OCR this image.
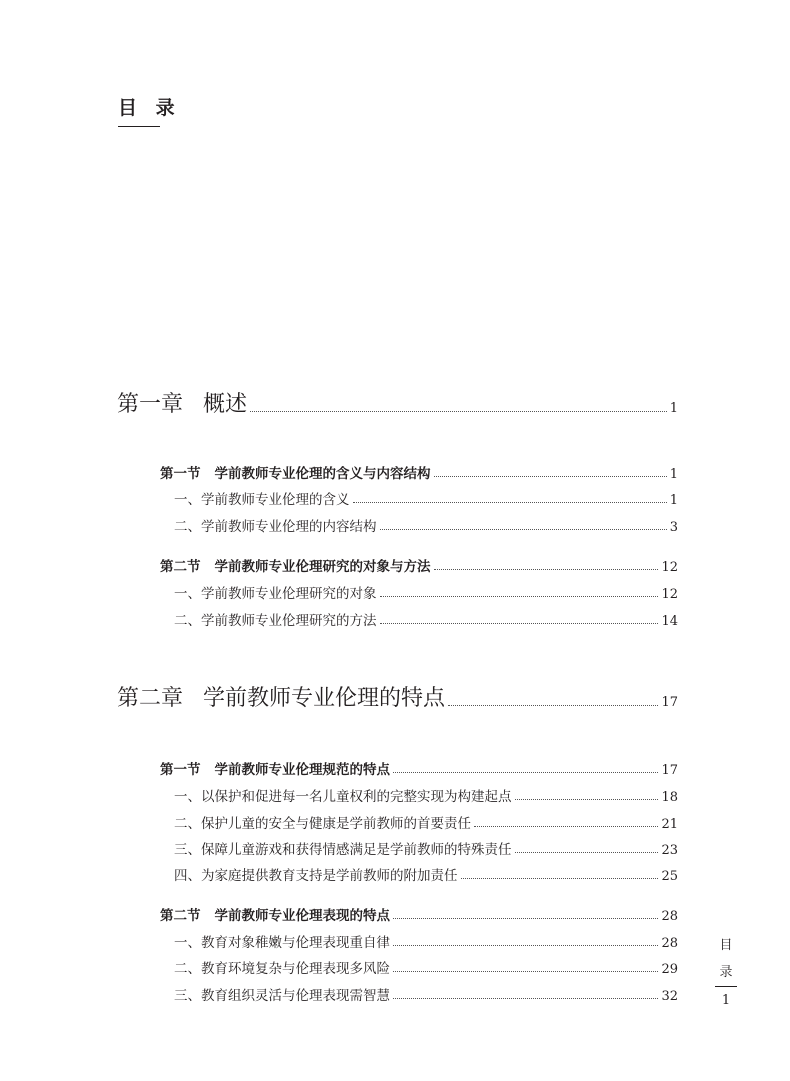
目 录
第一章 概述	1
第一节 学前教师专业伦理的含义与内容结构	1
一、学前教师专业伦理的含义	1
二、学前教师专业伦理的内容结构	3
第二节 学前教师专业伦理研究的对象与方法	12
一、学前教师专业伦理研究的对象	12
二、学前教师专业伦理研究的方法	14
第二章 学前教师专业伦理的特点	17
第一节 学前教师专业伦理规范的特点	17
一、以保护和促进每一名儿童权利的完整实现为构建起点	18
二、保护儿童的安全与健康是学前教师的首要责任	21
三、保障儿童游戏和获得情感满足是学前教师的特殊责任	23
四、为家庭提供教育支持是学前教师的附加责任	25
第二节 学前教师专业伦理表现的特点	28
一、教育对象稚嫩与伦理表现重自律	28
二、教育环境复杂与伦理表现多风险	29
三、教育组织灵活与伦理表现需智慧	32
目
录
1
